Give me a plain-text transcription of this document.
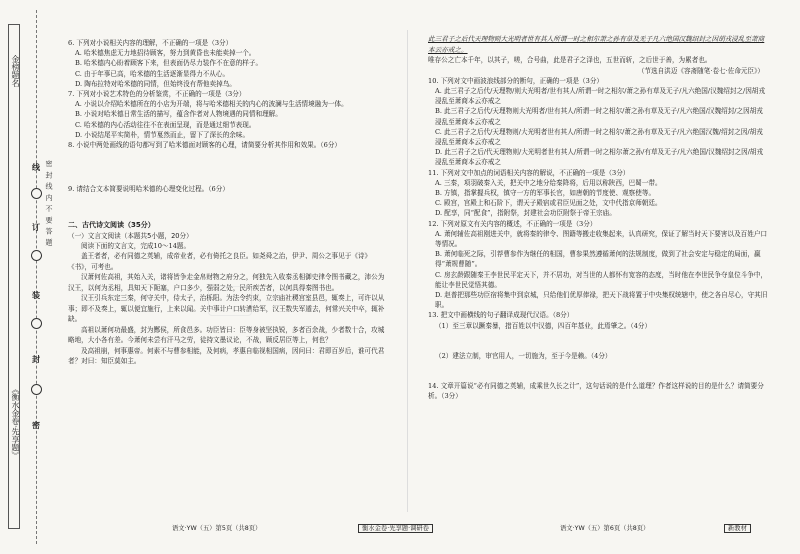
《衡水金卷·先享题》
金榜题名
线
订
装
封
密
密 封 线 内 不 要 答 题

6. 下列对小说相关内容的理解，不正确的一项是（3分）

A. 哈米德焦虑无力地招待顾客，努力到黄昏也未能卖掉一个。

B. 哈米德内心盼着顾客下来，但表面仍尽力装作不在意的样子。

C. 由于年事已高，哈米德的生活逐渐显得力不从心。

D. 陶布拉特对哈米德的同情，但始终没有帮他卖掉鸟。

7. 下列对小说艺术特色的分析鉴赏，不正确的一项是（3分）

A. 小说以介绍哈米德所在的小店为开端，将与哈米德相关的内心的波澜与生活情境融为一体。

B. 小说对哈米德日常生活的描写，蕴含作者对人物境遇的同情和理解。

C. 哈米德的内心活动往往不在表面呈现，而是通过细节表现。

D. 小说结尾平实简朴，情节戛然而止，留下了深长的余味。

8. 小说中两处画线的语句都写到了哈米德面对顾客的心理，请简要分析其作用和效果。（6分）

9. 请结合文本简要说明哈米德的心理变化过程。（6分）

二、古代诗文阅读（35分）

（一）文言文阅读（本题共5小题，20分）

阅读下面的文言文，完成10～14题。

盖王者者，必有同德之英辅，成帝业者，必有倚托之良臣。如尧舜之治，伊尹、周公之事见于《诗》《书》，可考也。

汉萧何佐高祖，其始入关，诸将皆争走金帛财物之府分之，何独先入收秦丞相御史律令图书藏之，沛公为汉王，以何为丞相，具知天下阨塞，户口多少，强弱之处，民所疾苦者，以何具得秦图书也。

汉王引兵东定三秦，何守关中，侍太子，治栎阳。为法令约束，立宗庙社稷宫室县邑，辄奏上，可许以从事；即不及奏上，辄以便宜施行，上来以闻。关中事计户口转漕给军，汉王数失军遁去，何常兴关中卒，辄补缺。

高祖以萧何功最盛，封为酂侯，所食邑多。功臣皆曰：臣等身被坚执锐，多者百余战，少者数十合，攻城略地，大小各有差。今萧何未尝有汗马之劳，徒持文墨议论，不战，顾反居臣等上，何也？

及高祖崩，何事惠帝。何素不与曹参相能，及何病，孝惠自临视相国病，因问曰：君即百岁后，谁可代君者？对曰：知臣莫如主。

此三君子之后代天理物则大光明者世有其人所谓一时之相尔萧之孙有草及无子凡六绝国汉魏绍封之因胡戎浸乱至萧商本云亦戒之。

唯存公之亡本千年，以其子，嗟，合号曲，此是君子之泽也，五世而斩，之后世于善，为累者也。

（节选自洪迈《容斋随笔·卷七·佐命元臣》）

10. 下列对文中画波浪线部分的断句，正确的一项是（3分）

A. 此三君子之后代/天理物/则大光明者/世有其人/所谓一时之相尔/萧之孙有草及无子/凡六绝国/汉魏绍封之/因胡戎浸乱至萧商本云亦戒之

B. 此三君子之后代/天理物则大光明者/世有其人/所谓一时之相尔/萧之孙有草及无子/凡六绝国/汉魏绍封/之因胡戎浸乱至萧商本云亦戒之

C. 此三君子之后代/天理物则/大光明者世有其人/所谓一时之相尔/萧之孙有草及无子/凡六绝国汉魏/绍封之因/胡戎浸乱至萧商本云亦戒之

D. 此三君子之后/代天理物则/大光明者世有其人/所谓一时之相尔萧之孙/有草及无子/凡六绝国/汉魏绍封之因/胡戎浸乱至萧商本云亦戒之

11. 下列对文中加点的词语相关内容的解说，不正确的一项是（3分）

A. 三秦，项羽破秦入关，把关中之地分给秦降将，后用以称陕西，巴蜀一带。

B. 方镇，指掌握兵权，镇守一方的军事长官，如唐朝的节度使、观察使等。

C. 殿宫，宫殿上和石阶下，谓天子殿宿或君臣见面之处，文中代指京师朝廷。

D. 配享，同“配食”，指附祭，封建社会功臣附祭于帝王宗庙。

12. 下列对原文有关内容的概述，不正确的一项是（3分）

A. 萧何辅佐高祖刚进关中，就将秦的律令、图籍等搬走收集起来，认真研究，保证了解当时天下要害以及百姓户口等情况。

B. 萧何临死之际，引荐曹参作为继任的相国，曹参果然遵循萧何的法规制度，做到了社会安定与稳定的局面，赢得“萧规曹随”。

C. 房玄龄跟随秦王李世民平定天下，并不居功，对当世的人都怀有宽容的态度，当时他在李世民争夺皇位斗争中，能让李世民觉悟其德。

D. 赵普把那些功臣宿将集中到京城，只给他们优厚俸禄，把天下战将置于中央集权统辖中，使之各自尽心，守其旧职。

13. 把文中画横线的句子翻译成现代汉语。（8分）

（1）至三章以蹶秦暴，措百姓以中汉德，四百年基业，此焉肇之。（4分）

（2）建法立制，审官用人，一切施为，至于今是赖。（4分）

14. 文章开篇说“必有同德之英辅，成乘世久长之计”，这句话说的是什么道理？作者这样说的目的是什么？请简要分析。（3分）

语文·YW（五）第5页（共8页）	衡水金卷·先享题·调研卷	语文·YW（五）第6页（共8页）	新教材
